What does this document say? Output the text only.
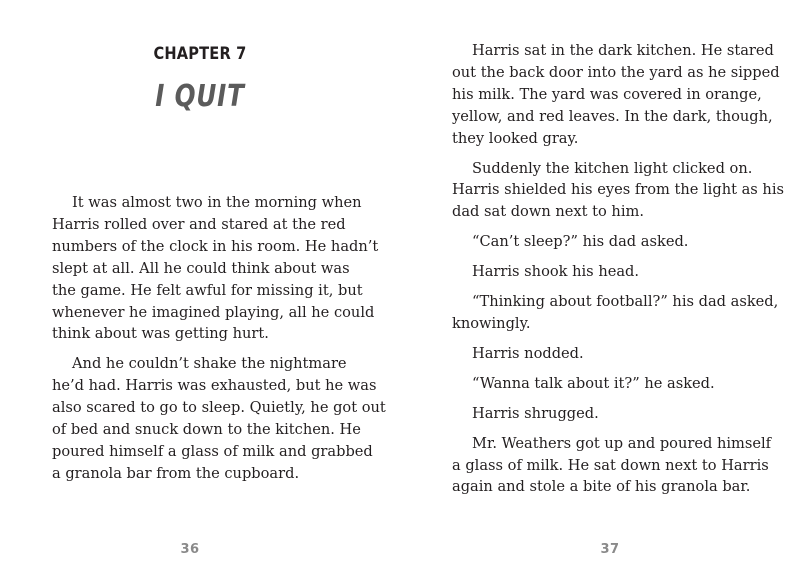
CHAPTER 7
I QUIT

It was almost two in the morning when
Harris rolled over and stared at the red
numbers of the clock in his room. He hadn’t
slept at all. All he could think about was
the game. He felt awful for missing it, but
whenever he imagined playing, all he could
think about was getting hurt.

And he couldn’t shake the nightmare
he’d had. Harris was exhausted, but he was
also scared to go to sleep. Quietly, he got out
of bed and snuck down to the kitchen. He
poured himself a glass of milk and grabbed
a granola bar from the cupboard.

36

Harris sat in the dark kitchen. He stared
out the back door into the yard as he sipped
his milk. The yard was covered in orange,
yellow, and red leaves. In the dark, though,
they looked gray.

Suddenly the kitchen light clicked on.
Harris shielded his eyes from the light as his
dad sat down next to him.

“Can’t sleep?” his dad asked.

Harris shook his head.

“Thinking about football?” his dad asked,
knowingly.

Harris nodded.

“Wanna talk about it?” he asked.

Harris shrugged.

Mr. Weathers got up and poured himself
a glass of milk. He sat down next to Harris
again and stole a bite of his granola bar.

37
